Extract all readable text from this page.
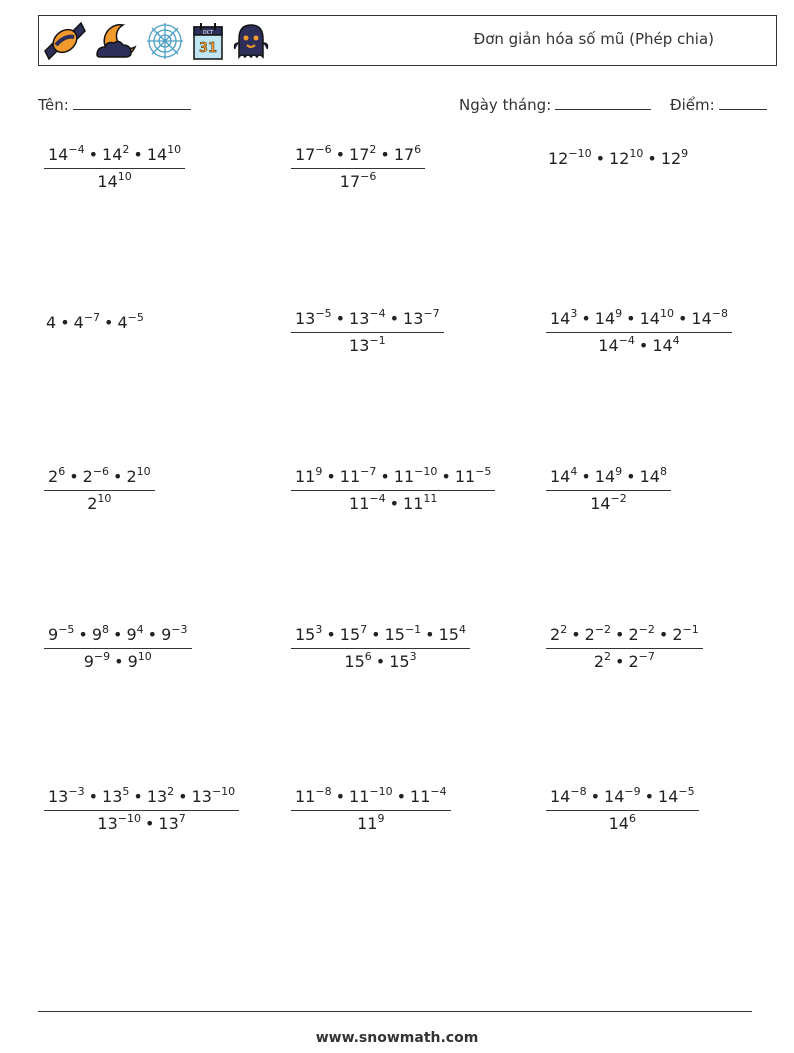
OCT
31
Đơn giản hóa số mũ (Phép chia)
Tên:	Ngày tháng:	Điểm:
$\frac{14^{-4} • 14^2 • 14^{10}}{14^{10}}$	$\frac{17^{-6} • 17^2 • 17^6}{17^{-6}}$	$12^{-10}$ • $12^{10}$ • $12^9$
4 • $4^{-7}$ • $4^{-5}$	$\frac{13^{-5} • 13^{-4} • 13^{-7}}{13^{-1}}$	$\frac{14^3 • 14^9 • 14^{10} • 14^{-8}}{14^{-4} • 14^4}$
$\frac{2^6 • 2^{-6} • 2^{10}}{2^{10}}$	$\frac{11^9 • 11^{-7} • 11^{-10} • 11^{-5}}{11^{-4} • 11^{11}}$	$\frac{14^4 • 14^9 • 14^8}{14^{-2}}$
$\frac{9^{-5} • 9^8 • 9^4 • 9^{-3}}{9^{-9} • 9^{10}}$	$\frac{15^3 • 15^7 • 15^{-1} • 15^4}{15^6 • 15^3}$	$\frac{2^2 • 2^{-2} • 2^{-2} • 2^{-1}}{2^2 • 2^{-7}}$
$\frac{13^{-3} • 13^5 • 13^2 • 13^{-10}}{13^{-10} • 13^7}$	$\frac{11^{-8} • 11^{-10} • 11^{-4}}{11^9}$	$\frac{14^{-8} • 14^{-9} • 14^{-5}}{14^6}$
www.snowmath.com
